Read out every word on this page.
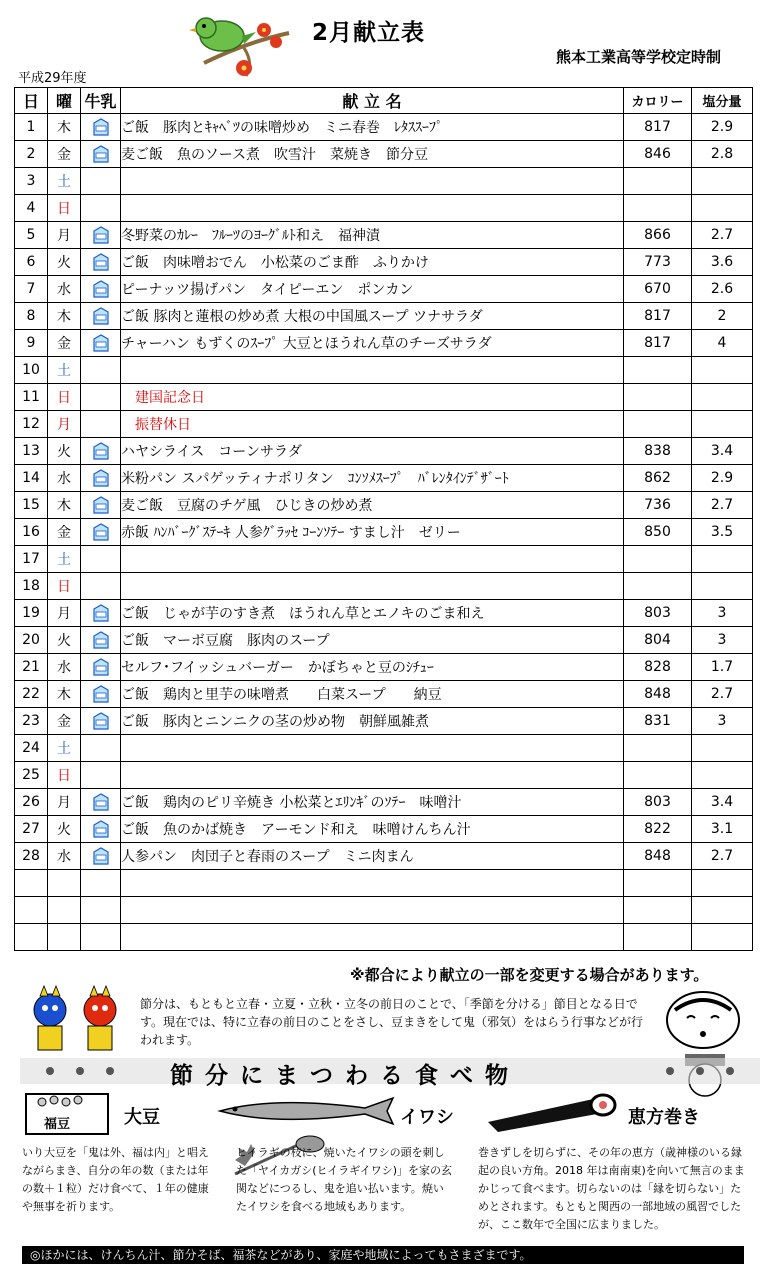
2月献立表
熊本工業高等学校定時制
平成29年度
日	曜	牛乳	献 立 名	カロリー	塩分量
1	木		ご飯　豚肉とｷｬﾍﾞﾂの味噌炒め　ミニ春巻　ﾚﾀｽｽｰﾌﾟ	817	2.9
2	金		麦ご飯　魚のソース煮　吹雪汁　菜焼き　節分豆	846	2.8
3	土				
4	日				
5	月		冬野菜のｶﾚｰ　ﾌﾙｰﾂのﾖｰｸﾞﾙﾄ和え　福神漬	866	2.7
6	火		ご飯　肉味噌おでん　小松菜のごま酢　ふりかけ	773	3.6
7	水		ピーナッツ揚げパン　タイピーエン　ポンカン	670	2.6
8	木		ご飯 豚肉と蓮根の炒め煮 大根の中国風スープ ツナサラダ	817	2
9	金		チャーハン もずくのｽｰﾌﾟ 大豆とほうれん草のチーズサラダ	817	4
10	土				
11	日		建国記念日		
12	月		振替休日		
13	火		ハヤシライス　コーンサラダ	838	3.4
14	水		米粉パン スパゲッティナポリタン　ｺﾝｿﾒｽｰﾌﾟ　ﾊﾞﾚﾝﾀｲﾝﾃﾞｻﾞｰﾄ	862	2.9
15	木		麦ご飯　豆腐のチゲ風　ひじきの炒め煮	736	2.7
16	金		赤飯 ﾊﾝﾊﾞｰｸﾞｽﾃｰｷ 人参ｸﾞﾗｯｾ ｺｰﾝｿﾃｰ すまし汁　ゼリー	850	3.5
17	土				
18	日				
19	月		ご飯　じゃが芋のすき煮　ほうれん草とエノキのごま和え	803	3
20	火		ご飯　マーボ豆腐　豚肉のスープ	804	3
21	水		セルフ･フイッシュバーガー　かぼちゃと豆のｼﾁｭｰ	828	1.7
22	木		ご飯　鶏肉と里芋の味噌煮　　白菜スープ　　納豆	848	2.7
23	金		ご飯　豚肉とニンニクの茎の炒め物　朝鮮風雑煮	831	3
24	土				
25	日				
26	月		ご飯　鶏肉のピリ辛焼き 小松菜とｴﾘﾝｷﾞのｿﾃｰ　味噌汁	803	3.4
27	火		ご飯　魚のかば焼き　アーモンド和え　味噌けんちん汁	822	3.1
28	水		人参パン　肉団子と春雨のスープ　ミニ肉まん	848	2.7

※都合により献立の一部を変更する場合があります。
節分は、もともと立春・立夏・立秋・立冬の前日のことで、「季節を分ける」節目となる日です。現在では、特に立春の前日のことをさし、豆まきをして鬼（邪気）をはらう行事などが行われます。
節分にまつわる食べ物
福豆	大豆
いり大豆を「鬼は外、福は内」と唱えながらまき、自分の年の数（または年の数＋１粒）だけ食べて、１年の健康や無事を祈ります。
イワシ
ヒイラギの枝に、焼いたイワシの頭を刺した「ヤイカガシ(ヒイラギイワシ)」を家の玄関などにつるし、鬼を追い払います。焼いたイワシを食べる地域もあります。
恵方巻き
巻きずしを切らずに、その年の恵方（歳神様のいる縁起の良い方角。2018 年は南南東)を向いて無言のままかじって食べます。切らないのは「縁を切らない」ためとされます。もともと関西の一部地域の風習でしたが、ここ数年で全国に広まりました。
◎ほかには、けんちん汁、節分そば、福茶などがあり、家庭や地域によってもさまざまです。
